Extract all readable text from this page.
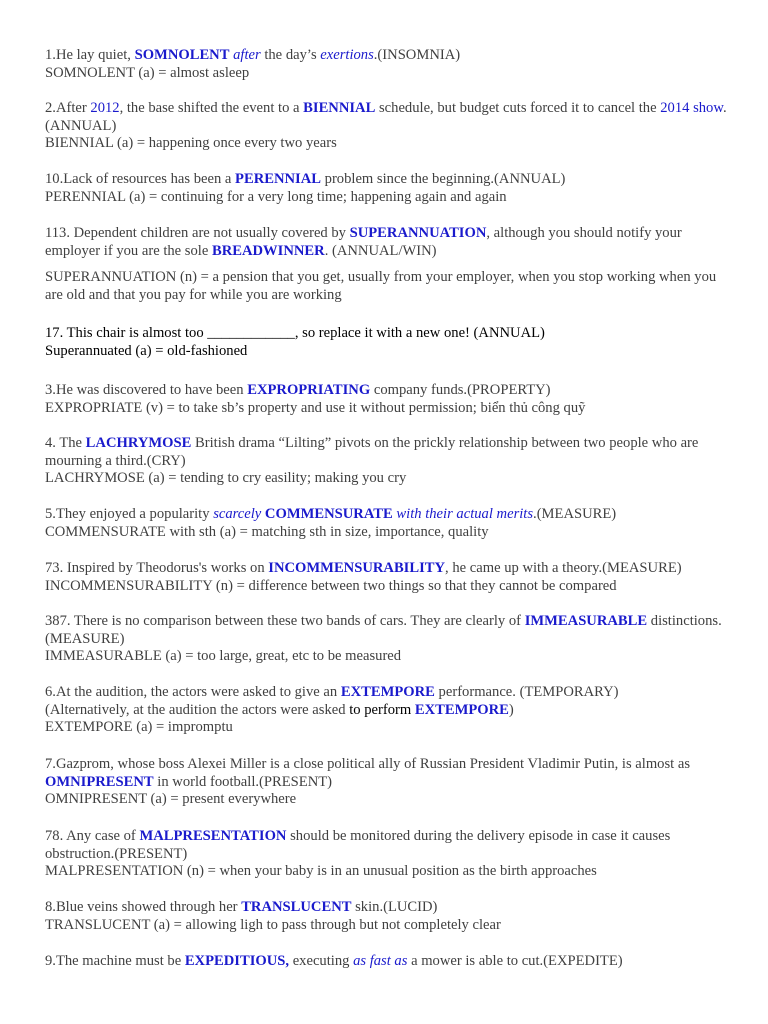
1.He lay quiet, SOMNOLENT after the day’s exertions.(INSOMNIA)

SOMNOLENT (a) = almost asleep

2.After 2012, the base shifted the event to a BIENNIAL schedule, but budget cuts forced it to cancel the 2014 show.(ANNUAL)

BIENNIAL (a) = happening once every two years

10.Lack of resources has been a PERENNIAL problem since the beginning.(ANNUAL)

PERENNIAL (a) = continuing for a very long time; happening again and again

113. Dependent children are not usually covered by SUPERANNUATION, although you should notify your employer if you are the sole BREADWINNER. (ANNUAL/WIN)

SUPERANNUATION (n) = a pension that you get, usually from your employer, when you stop working when you are old and that you pay for while you are working

17. This chair is almost too ____________, so replace it with a new one! (ANNUAL)

Superannuated (a) = old-fashioned

3.He was discovered to have been EXPROPRIATING company funds.(PROPERTY)

EXPROPRIATE (v) = to take sb’s property and use it without permission; biển thủ công quỹ

4. The LACHRYMOSE British drama “Lilting” pivots on the prickly relationship between two people who are mourning a third.(CRY)

LACHRYMOSE (a) = tending to cry easility; making you cry

5.They enjoyed a popularity scarcely COMMENSURATE with their actual merits.(MEASURE)

COMMENSURATE with sth (a) = matching sth in size, importance, quality

73. Inspired by Theodorus's works on INCOMMENSURABILITY, he came up with a theory.(MEASURE)

INCOMMENSURABILITY (n) = difference between two things so that they cannot be compared

387. There is no comparison between these two bands of cars. They are clearly of IMMEASURABLE distinctions. (MEASURE)

IMMEASURABLE (a) = too large, great, etc to be measured

6.At the audition, the actors were asked to give an EXTEMPORE performance. (TEMPORARY)

(Alternatively, at the audition the actors were asked to perform EXTEMPORE)

EXTEMPORE (a) = impromptu

7.Gazprom, whose boss Alexei Miller is a close political ally of Russian President Vladimir Putin, is almost as OMNIPRESENT in world football.(PRESENT)

OMNIPRESENT (a) = present everywhere

78. Any case of MALPRESENTATION should be monitored during the delivery episode in case it causes obstruction.(PRESENT)

MALPRESENTATION (n) = when your baby is in an unusual position as the birth approaches

8.Blue veins showed through her TRANSLUCENT skin.(LUCID)

TRANSLUCENT (a) = allowing ligh to pass through but not completely clear

9.The machine must be EXPEDITIOUS, executing as fast as a mower is able to cut.(EXPEDITE)
